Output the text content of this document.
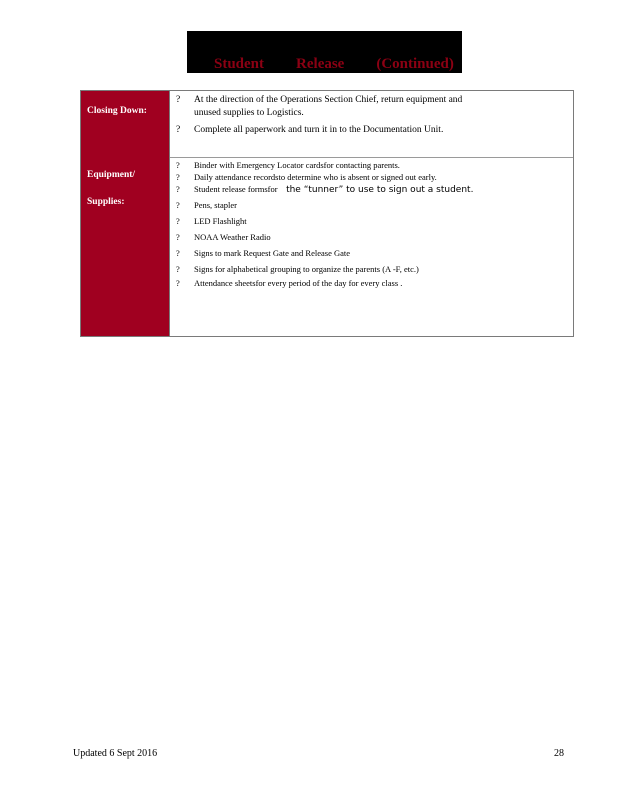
Student Release (Continued)

Closing Down:
Equipment/
Supplies:
? At the direction of the Operations Section Chief, return equipment and
unused supplies to Logistics.
? Complete all paperwork and turn it in to the Documentation Unit.
? Binder with Emergency Locator cardsfor contacting parents.
? Daily attendance recordsto determine who is absent or signed out early.
? Student release formsfor the “tunner” to use to sign out a student.
? Pens, stapler
? LED Flashlight
? NOAA Weather Radio
? Signs to mark Request Gate and Release Gate
? Signs for alphabetical grouping to organize the parents (A -F, etc.)
? Attendance sheetsfor every period of the day for every class .
Updated 6 Sept 2016	28
